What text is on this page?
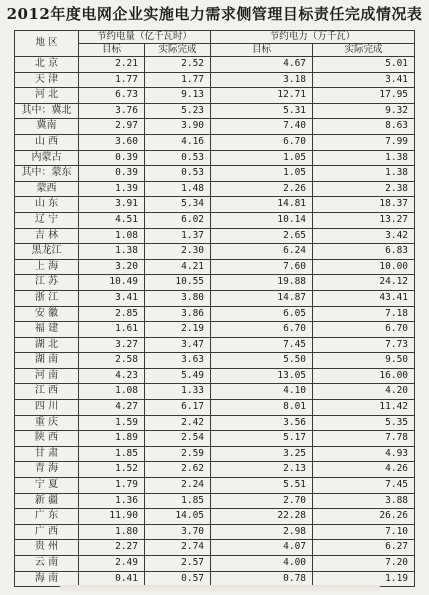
2012年度电网企业实施电力需求侧管理目标责任完成情况表
地 区	节约电量（亿千瓦时）		节约电力（万千瓦）	
	目标	实际完成	目标	实际完成
北 京	2.21	2.52	4.67	5.01
天 津	1.77	1.77	3.18	3.41
河 北	6.73	9.13	12.71	17.95
其中：冀北	3.76	5.23	5.31	9.32
冀南	2.97	3.90	7.40	8.63
山 西	3.60	4.16	6.70	7.99
内蒙古	0.39	0.53	1.05	1.38
其中：蒙东	0.39	0.53	1.05	1.38
蒙西	1.39	1.48	2.26	2.38
山 东	3.91	5.34	14.81	18.37
辽 宁	4.51	6.02	10.14	13.27
吉 林	1.08	1.37	2.65	3.42
黑龙江	1.38	2.30	6.24	6.83
上 海	3.20	4.21	7.60	10.00
江 苏	10.49	10.55	19.88	24.12
浙 江	3.41	3.80	14.87	43.41
安 徽	2.85	3.86	6.05	7.18
福 建	1.61	2.19	6.70	6.70
湖 北	3.27	3.47	7.45	7.73
湖 南	2.58	3.63	5.50	9.50
河 南	4.23	5.49	13.05	16.00
江 西	1.08	1.33	4.10	4.20
四 川	4.27	6.17	8.01	11.42
重 庆	1.59	2.42	3.56	5.35
陕 西	1.89	2.54	5.17	7.78
甘 肃	1.85	2.59	3.25	4.93
青 海	1.52	2.62	2.13	4.26
宁 夏	1.79	2.24	5.51	7.45
新 疆	1.36	1.85	2.70	3.88
广 东	11.90	14.05	22.28	26.26
广 西	1.80	3.70	2.98	7.10
贵 州	2.27	2.74	4.07	6.27
云 南	2.49	2.57	4.00	7.20
海 南	0.41	0.57	0.78	1.19
